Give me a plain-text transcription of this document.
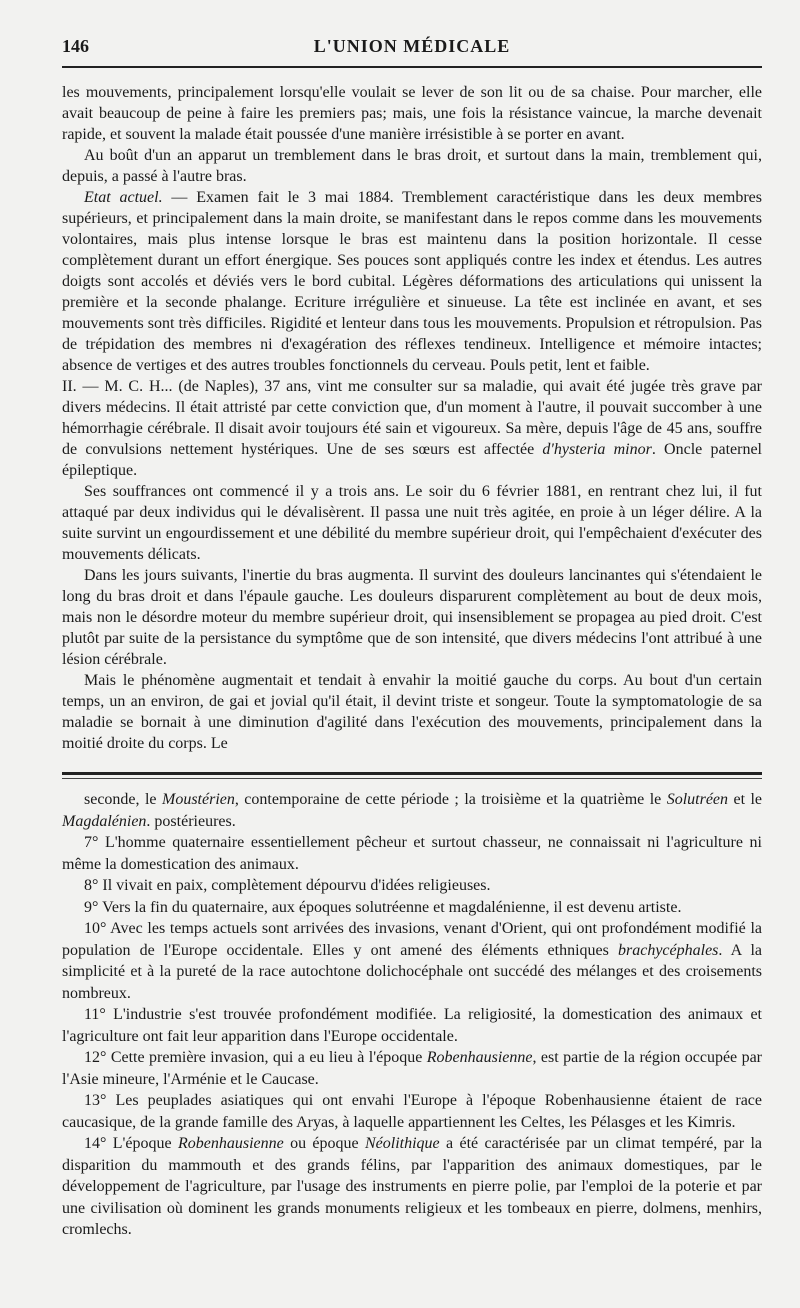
146	L'UNION MÉDICALE

les mouvements, principalement lorsqu'elle voulait se lever de son lit ou de sa chaise. Pour marcher, elle avait beaucoup de peine à faire les premiers pas; mais, une fois la résistance vaincue, la marche devenait rapide, et souvent la malade était poussée d'une manière irrésistible à se porter en avant.

Au boût d'un an apparut un tremblement dans le bras droit, et surtout dans la main, tremblement qui, depuis, a passé à l'autre bras.

Etat actuel. — Examen fait le 3 mai 1884. Tremblement caractéristique dans les deux membres supérieurs, et principalement dans la main droite, se manifestant dans le repos comme dans les mouvements volontaires, mais plus intense lorsque le bras est maintenu dans la position horizontale. Il cesse complètement durant un effort énergique. Ses pouces sont appliqués contre les index et étendus. Les autres doigts sont accolés et déviés vers le bord cubital. Légères déformations des articulations qui unissent la première et la seconde phalange. Ecriture irrégulière et sinueuse. La tête est inclinée en avant, et ses mouvements sont très difficiles. Rigidité et lenteur dans tous les mouvements. Propulsion et rétropulsion. Pas de trépidation des membres ni d'exagération des réflexes tendineux. Intelligence et mémoire intactes; absence de vertiges et des autres troubles fonctionnels du cerveau. Pouls petit, lent et faible.

II. — M. C. H... (de Naples), 37 ans, vint me consulter sur sa maladie, qui avait été jugée très grave par divers médecins. Il était attristé par cette conviction que, d'un moment à l'autre, il pouvait succomber à une hémorrhagie cérébrale. Il disait avoir toujours été sain et vigoureux. Sa mère, depuis l'âge de 45 ans, souffre de convulsions nettement hystériques. Une de ses sœurs est affectée d'hysteria minor. Oncle paternel épileptique.

Ses souffrances ont commencé il y a trois ans. Le soir du 6 février 1881, en rentrant chez lui, il fut attaqué par deux individus qui le dévalisèrent. Il passa une nuit très agitée, en proie à un léger délire. A la suite survint un engourdissement et une débilité du membre supérieur droit, qui l'empêchaient d'exécuter des mouvements délicats.

Dans les jours suivants, l'inertie du bras augmenta. Il survint des douleurs lancinantes qui s'étendaient le long du bras droit et dans l'épaule gauche. Les douleurs disparurent complètement au bout de deux mois, mais non le désordre moteur du membre supérieur droit, qui insensiblement se propagea au pied droit. C'est plutôt par suite de la persistance du symptôme que de son intensité, que divers médecins l'ont attribué à une lésion cérébrale.

Mais le phénomène augmentait et tendait à envahir la moitié gauche du corps. Au bout d'un certain temps, un an environ, de gai et jovial qu'il était, il devint triste et songeur. Toute la symptomatologie de sa maladie se bornait à une diminution d'agilité dans l'exécution des mouvements, principalement dans la moitié droite du corps. Le

seconde, le Moustérien, contemporaine de cette période ; la troisième et la quatrième le Solutréen et le Magdalénien. postérieures.

7° L'homme quaternaire essentiellement pêcheur et surtout chasseur, ne connaissait ni l'agriculture ni même la domestication des animaux.

8° Il vivait en paix, complètement dépourvu d'idées religieuses.

9° Vers la fin du quaternaire, aux époques solutréenne et magdalénienne, il est devenu artiste.

10° Avec les temps actuels sont arrivées des invasions, venant d'Orient, qui ont profondément modifié la population de l'Europe occidentale. Elles y ont amené des éléments ethniques brachycéphales. A la simplicité et à la pureté de la race autochtone dolichocéphale ont succédé des mélanges et des croisements nombreux.

11° L'industrie s'est trouvée profondément modifiée. La religiosité, la domestication des animaux et l'agriculture ont fait leur apparition dans l'Europe occidentale.

12° Cette première invasion, qui a eu lieu à l'époque Robenhausienne, est partie de la région occupée par l'Asie mineure, l'Arménie et le Caucase.

13° Les peuplades asiatiques qui ont envahi l'Europe à l'époque Robenhausienne étaient de race caucasique, de la grande famille des Aryas, à laquelle appartiennent les Celtes, les Pélasges et les Kimris.

14° L'époque Robenhausienne ou époque Néolithique a été caractérisée par un climat tempéré, par la disparition du mammouth et des grands félins, par l'apparition des animaux domestiques, par le développement de l'agriculture, par l'usage des instruments en pierre polie, par l'emploi de la poterie et par une civilisation où dominent les grands monuments religieux et les tombeaux en pierre, dolmens, menhirs, cromlechs.
